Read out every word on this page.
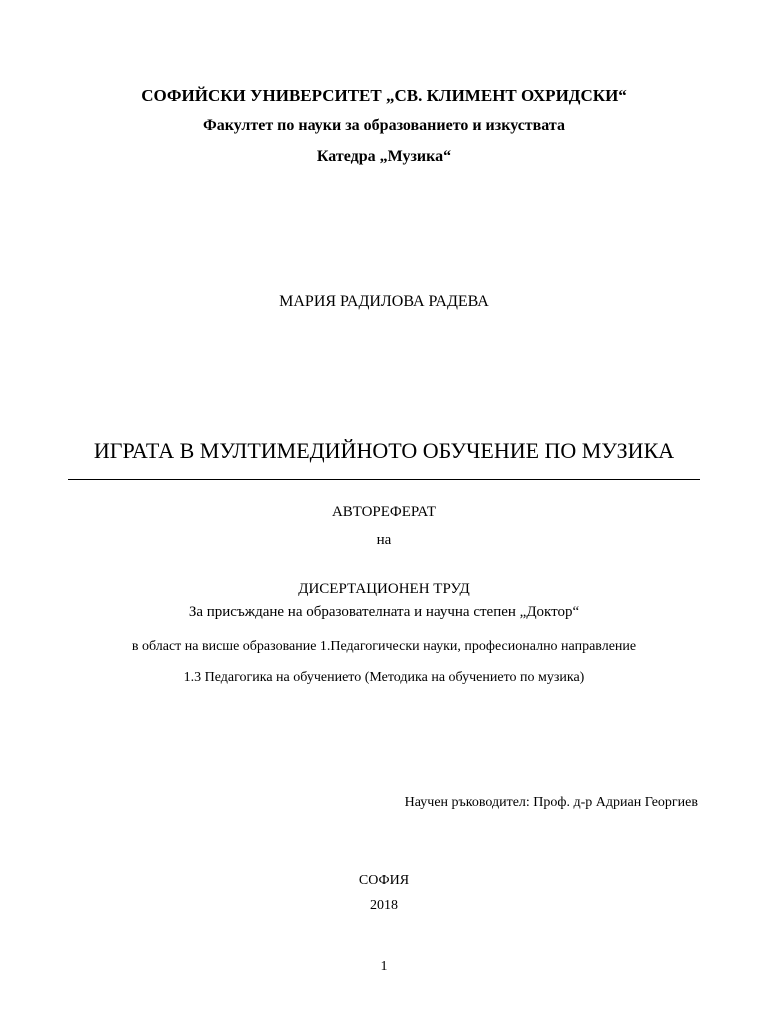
СОФИЙСКИ УНИВЕРСИТЕТ „СВ. КЛИМЕНТ ОХРИДСКИ“
Факултет по науки за образованието и изкуствата
Катедра „Музика“
МАРИЯ РАДИЛОВА РАДЕВА
ИГРАТА В МУЛТИМЕДИЙНОТО ОБУЧЕНИЕ ПО МУЗИКА
АВТОРЕФЕРАТ
на
ДИСЕРТАЦИОНЕН ТРУД
За присъждане на образователната и научна степен „Доктор“
в област на висше образование 1.Педагогически науки, професионално направление
1.3 Педагогика на обучението (Методика на обучението по музика)
Научен ръководител: Проф. д-р Адриан Георгиев
СОФИЯ
2018
1
